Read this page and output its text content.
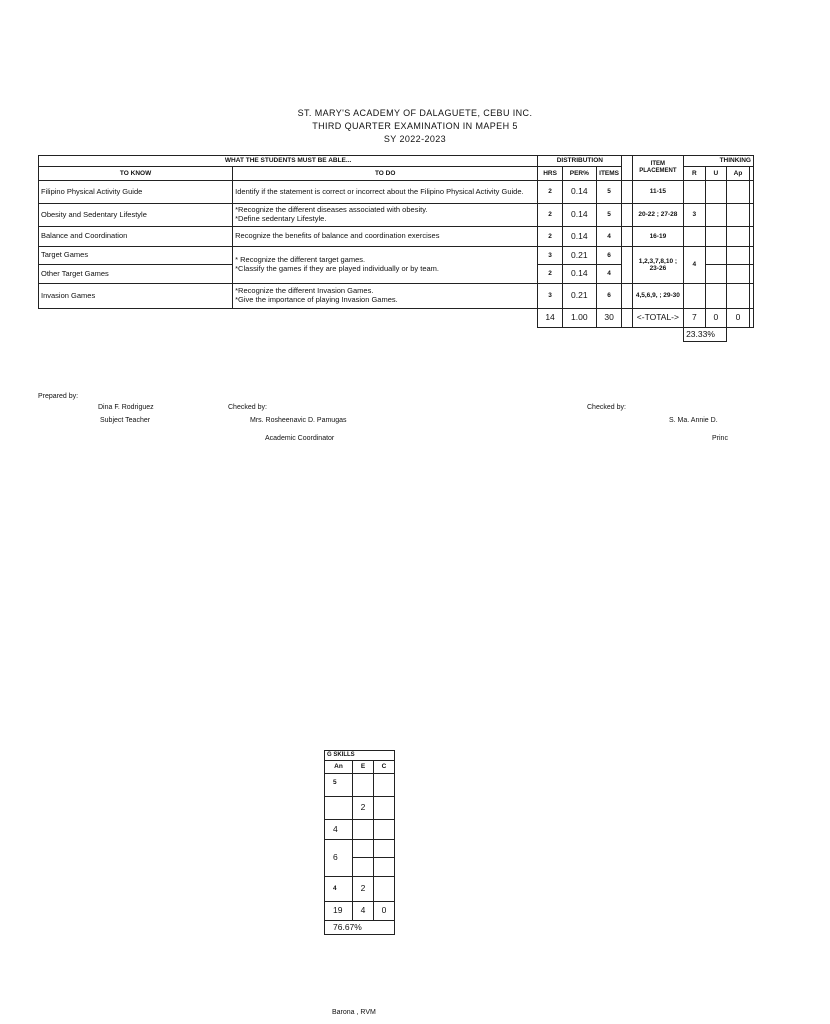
ST. MARY'S ACADEMY OF DALAGUETE, CEBU INC.
THIRD QUARTER EXAMINATION IN MAPEH 5
SY 2022-2023
WHAT THE STUDENTS MUST BE ABLE...		DISTRIBUTION				ITEM PLACEMENT	THINKING			
TO KNOW	TO DO	HRS	PER%	ITEMS			R	U	Ap	
Filipino Physical Activity Guide	Identify if the statement is correct or incorrect about the Filipino Physical Activity Guide.	2	0.14	5		11-15				
Obesity and Sedentary Lifestyle	*Recognize the different diseases associated with obesity.
*Define sedentary Lifestyle.	2	0.14	5		20-22 ; 27-28	3			
Balance and Coordination	Recognize the benefits of balance and coordination exercises	2	0.14	4		16-19				
Target Games	* Recognize the different target games.
*Classify the games if they are played individually or by team.	3	0.21	6		1,2,3,7,8,10 ; 23-26	4			
Other Target Games		2	0.14	4						
Invasion Games	*Recognize the different Invasion Games.
*Give the importance of playing Invasion Games.	3	0.21	6		4,5,6,9, ; 29-30				
		14	1.00	30		<-TOTAL->	7	0	0	
							23.33%			
Prepared by:
Dina F. Rodriguez
Subject Teacher
Checked by:
Mrs. Rosheenavic D. Pamugas
Academic Coordinator
Checked by:
S. Ma. Annie D.
Princ
G SKILLS		
An	E	C
5		
	2	
4		
6		

4	2	
19	4	0
76.67%		
Barona , RVM
